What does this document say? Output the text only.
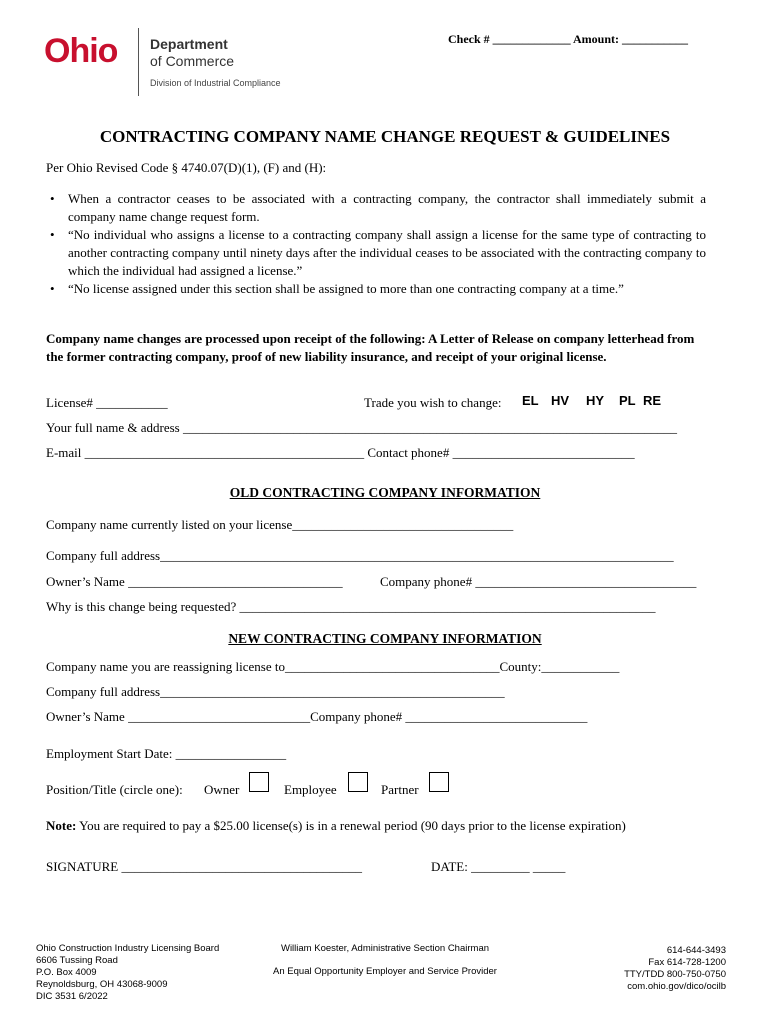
Ohio Department
of Commerce
Division of Industrial Compliance
Check # _____________ Amount: ___________
CONTRACTING COMPANY NAME CHANGE REQUEST & GUIDELINES
Per Ohio Revised Code § 4740.07(D)(1), (F) and (H):
• When a contractor ceases to be associated with a contracting company, the contractor shall immediately submit a company name change request form.
• “No individual who assigns a license to a contracting company shall assign a license for the same type of contracting to another contracting company until ninety days after the individual ceases to be associated with the contracting company to which the individual had assigned a license.”
• “No license assigned under this section shall be assigned to more than one contracting company at a time.”
Company name changes are processed upon receipt of the following: A Letter of Release on company letterhead from the former contracting company, proof of new liability insurance, and receipt of your original license.
License# ___________	Trade you wish to change: EL HV HY PL RE
Your full name & address ____________________________________________________________________________
E-mail ___________________________________________ Contact phone# ____________________________
OLD CONTRACTING COMPANY INFORMATION
Company name currently listed on your license__________________________________
Company full address_______________________________________________________________________________
Owner’s Name _________________________________	Company phone# __________________________________
Why is this change being requested? ________________________________________________________________
NEW CONTRACTING COMPANY INFORMATION
Company name you are reassigning license to_________________________________County:____________
Company full address_____________________________________________________
Owner’s Name ____________________________Company phone# ____________________________
Employment Start Date: _________________
Position/Title (circle one): Owner	Employee	Partner
Note: You are required to pay a $25.00 license(s) is in a renewal period (90 days prior to the license expiration)
SIGNATURE _____________________________________	DATE: _________ _____
Ohio Construction Industry Licensing Board
6606 Tussing Road
P.O. Box 4009
Reynoldsburg, OH 43068-9009
DIC 3531 6/2022
William Koester, Administrative Section Chairman
An Equal Opportunity Employer and Service Provider
614-644-3493
Fax 614-728-1200
TTY/TDD 800-750-0750
com.ohio.gov/dico/ocilb
